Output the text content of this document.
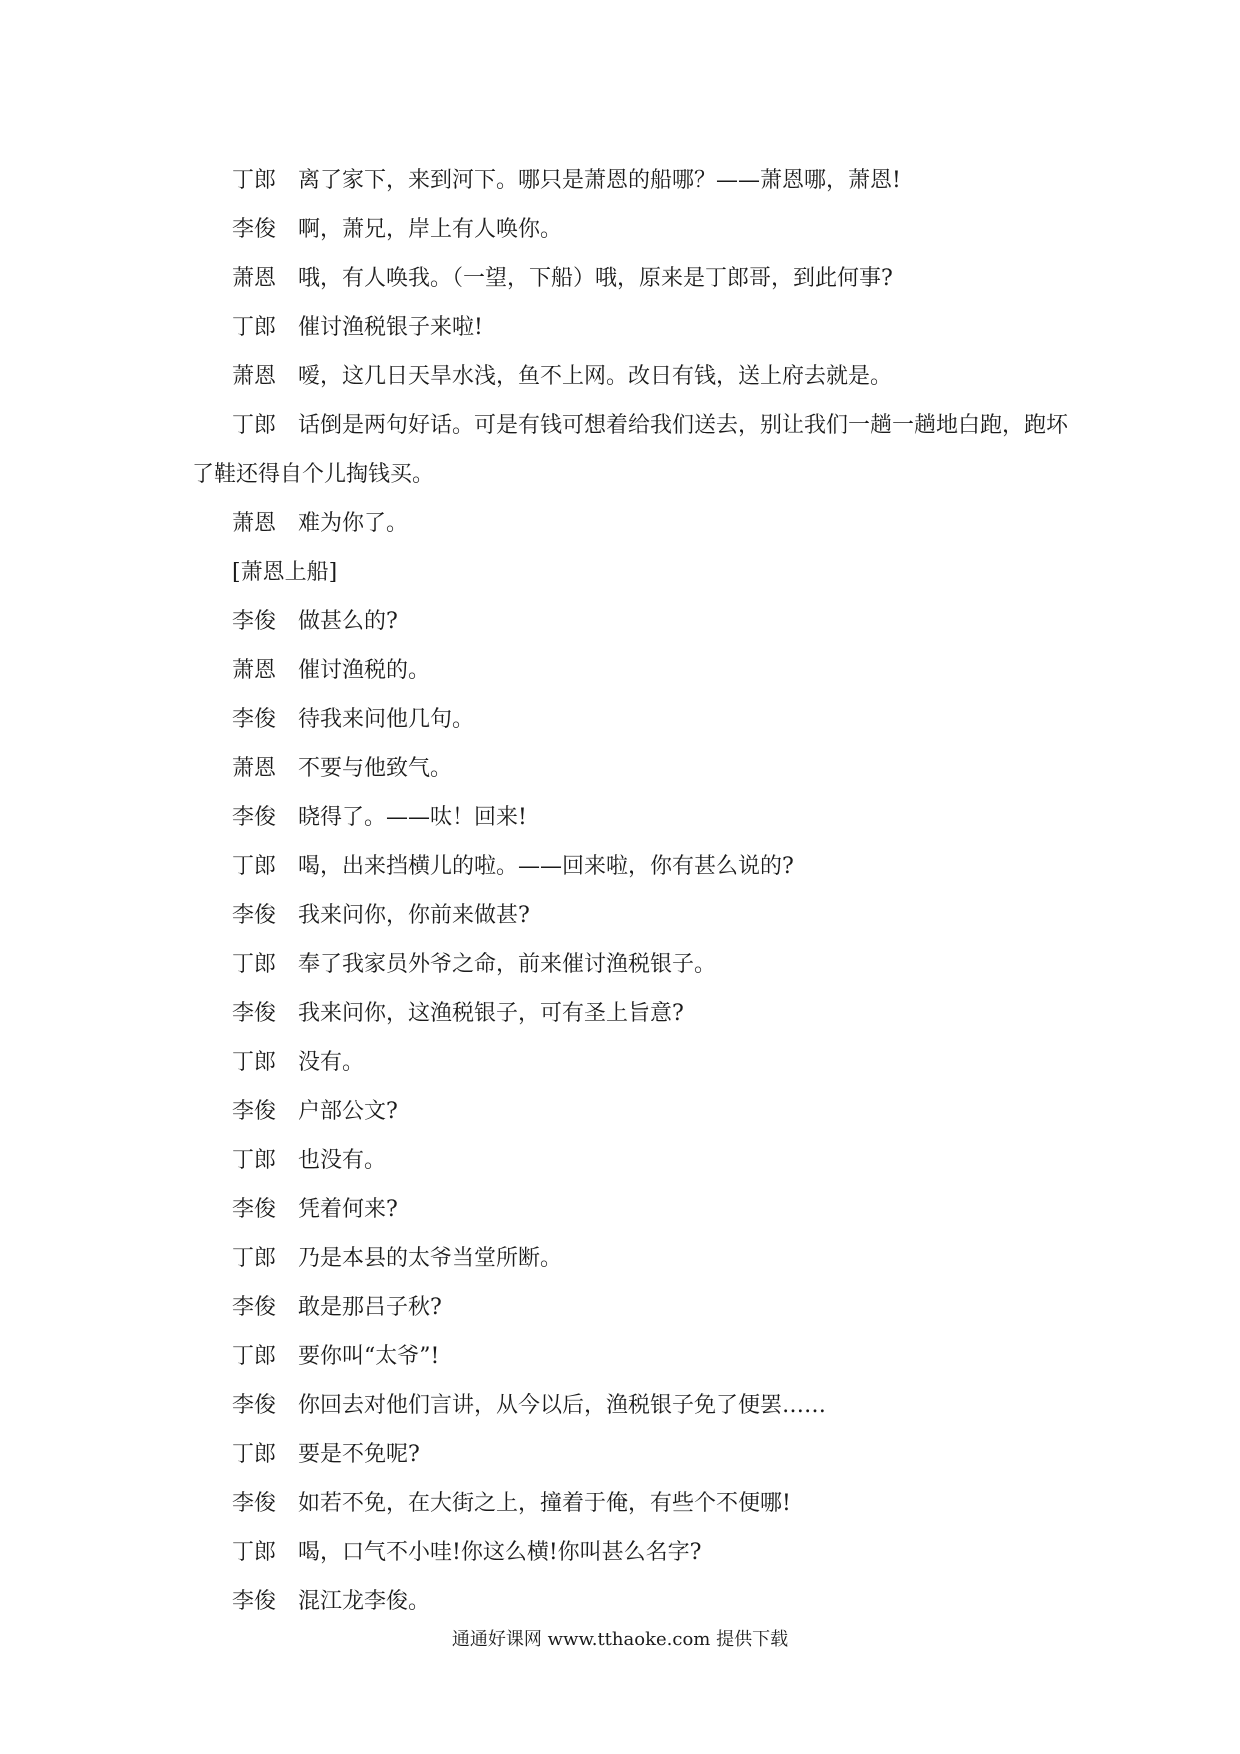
丁郎 离了家下，来到河下。哪只是萧恩的船哪？——萧恩哪，萧恩!
李俊 啊，萧兄，岸上有人唤你。
萧恩 哦，有人唤我。（一望，下船）哦，原来是丁郎哥，到此何事?
丁郎 催讨渔税银子来啦!
萧恩 嗳，这几日天旱水浅，鱼不上网。改日有钱，送上府去就是。
丁郎 话倒是两句好话。可是有钱可想着给我们送去，别让我们一趟一趟地白跑，跑坏
了鞋还得自个儿掏钱买。
萧恩 难为你了。
[萧恩上船]
李俊 做甚么的?
萧恩 催讨渔税的。
李俊 待我来问他几句。
萧恩 不要与他致气。
李俊 晓得了。——呔！回来!
丁郎 喝，出来挡横儿的啦。——回来啦，你有甚么说的?
李俊 我来问你，你前来做甚?
丁郎 奉了我家员外爷之命，前来催讨渔税银子。
李俊 我来问你，这渔税银子，可有圣上旨意?
丁郎 没有。
李俊 户部公文?
丁郎 也没有。
李俊 凭着何来?
丁郎 乃是本县的太爷当堂所断。
李俊 敢是那吕子秋?
丁郎 要你叫“太爷”!
李俊 你回去对他们言讲，从今以后，渔税银子免了便罢……
丁郎 要是不免呢?
李俊 如若不免，在大街之上，撞着于俺，有些个不便哪!
丁郎 喝，口气不小哇!你这么横!你叫甚么名字?
李俊 混江龙李俊。
通通好课网 www.tthaoke.com 提供下载
